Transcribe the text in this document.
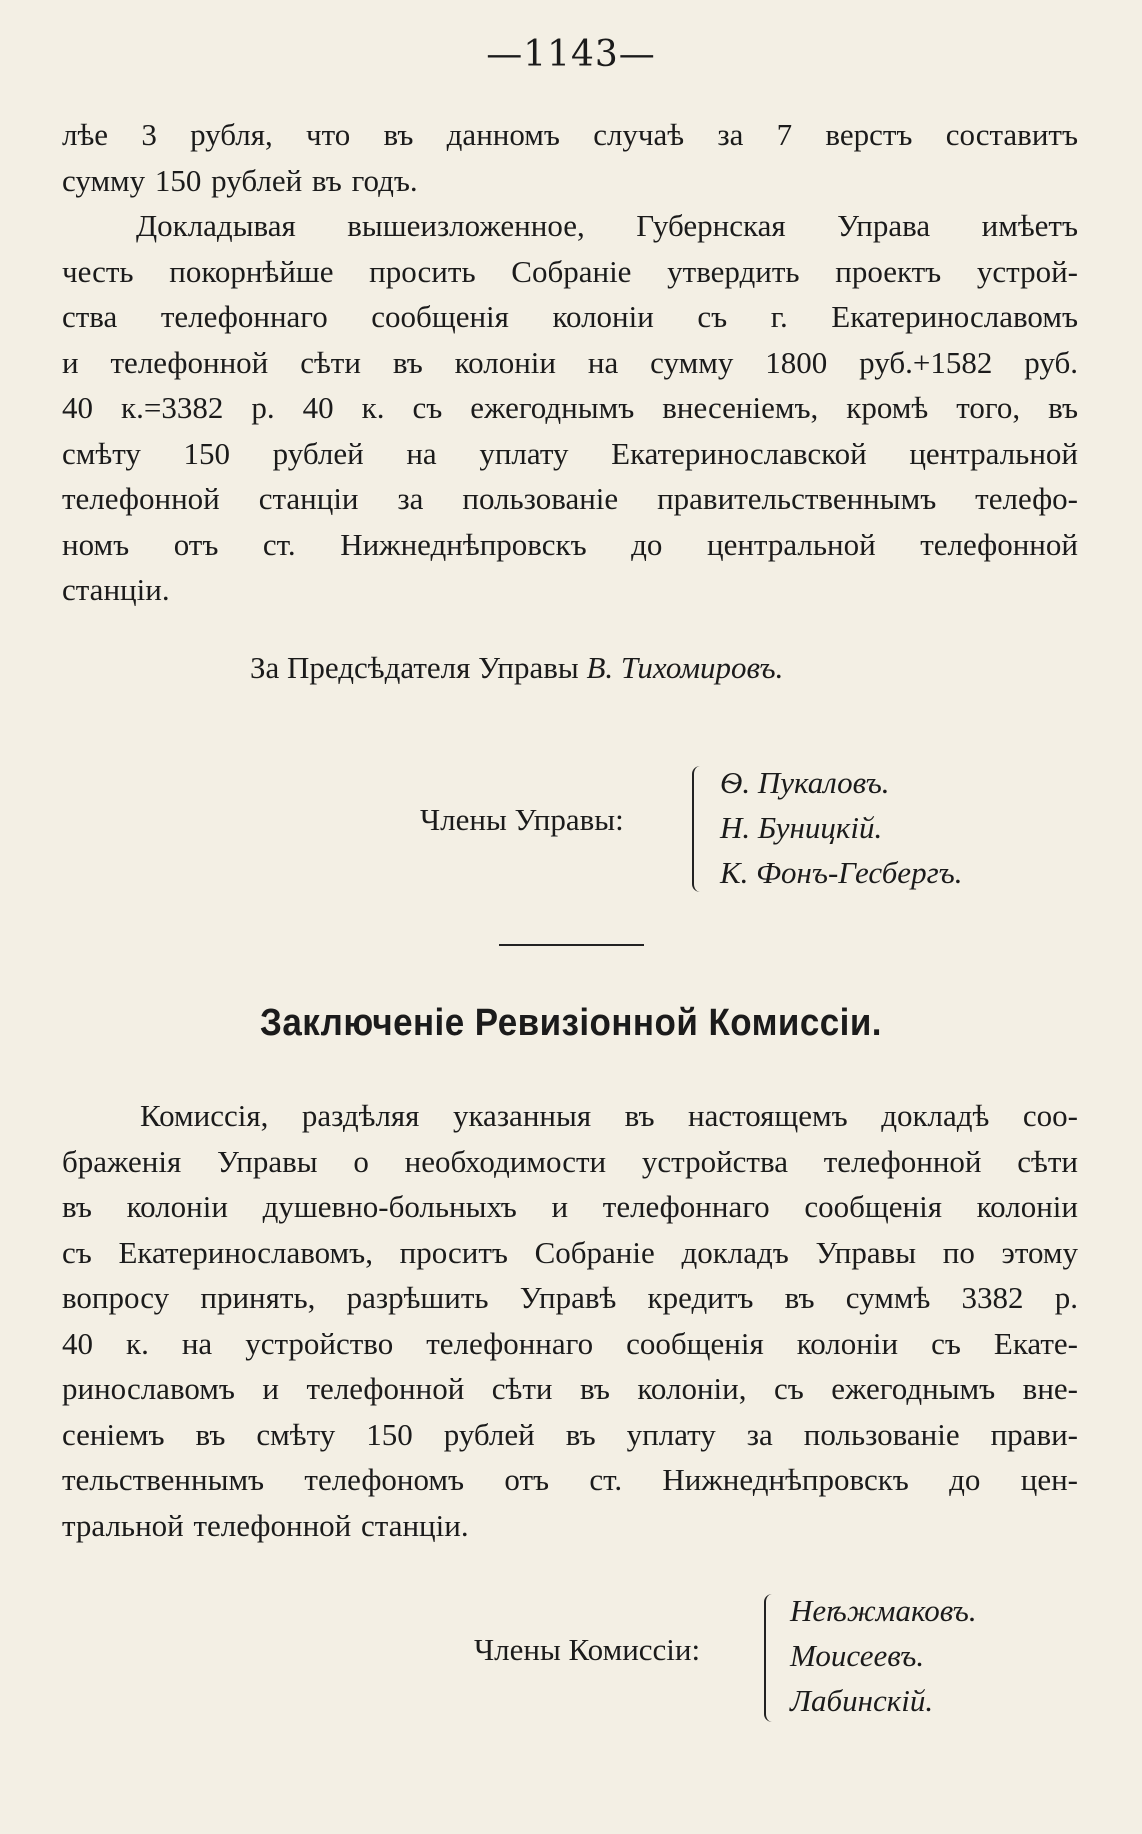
—1143—
лѣе 3 рубля, что въ данномъ случаѣ за 7 верстъ составитъ
сумму 150 рублей въ годъ.
Докладывая вышеизложенное, Губернская Управа имѣетъ
честь покорнѣйше просить Собраніе утвердить проектъ устрой-
ства телефоннаго сообщенія колоніи съ г. Екатеринославомъ
и телефонной сѣти въ колоніи на сумму 1800 руб.+1582 руб.
40 к.=3382 р. 40 к. съ ежегоднымъ внесеніемъ, кромѣ того, въ
смѣту 150 рублей на уплату Екатеринославской центральной
телефонной станціи за пользованіе правительственнымъ телефо-
номъ отъ ст. Нижнеднѣпровскъ до центральной телефонной
станціи.
За Предсѣдателя Управы В. Тихомировъ.
Члены Управы:
Ѳ. Пукаловъ.
Н. Буницкій.
К. Фонъ-Гесбергъ.
Заключеніе Ревизіонной Комиссіи.
Комиссія, раздѣляя указанныя въ настоящемъ докладѣ соо-
браженія Управы о необходимости устройства телефонной сѣти
въ колоніи душевно-больныхъ и телефоннаго сообщенія колоніи
съ Екатеринославомъ, проситъ Собраніе докладъ Управы по этому
вопросу принять, разрѣшить Управѣ кредитъ въ суммѣ 3382 р.
40 к. на устройство телефоннаго сообщенія колоніи съ Екате-
ринославомъ и телефонной сѣти въ колоніи, съ ежегоднымъ вне-
сеніемъ въ смѣту 150 рублей въ уплату за пользованіе прави-
тельственнымъ телефономъ отъ ст. Нижнеднѣпровскъ до цен-
тральной телефонной станціи.
Члены Комиссіи:
Неѣжмаковъ.
Моисеевъ.
Лабинскій.
